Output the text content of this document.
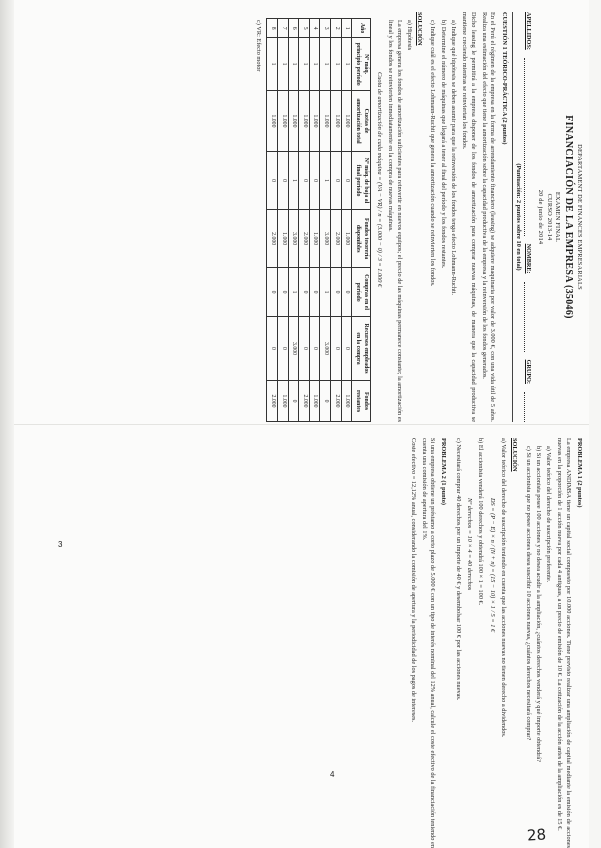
DEPARTAMENT DE FINANCES EMPRESARIALS
FINANCIACIÓN DE LA EMPRESA (35046)
EXAMEN FINAL
CURSO 2013-14
20 de junio de 2014
APELLIDOS:
NOMBRE:
GRUPO:
(Puntuación: 2 puntos sobre 10 en total)
CUESTIÓN 1 TEÓRICO-PRÁCTICA (2 puntos)
En el Perú el régimen de la empresa en la forma de arrendamiento financiero (leasing) se adquiere maquinaria por valor de 3.000 €, con una vida útil de 5 años. Realiza una estimación del efecto que tiene la amortización sobre la capacidad productiva de la empresa y la reinversión de los fondos generados.
Dicho leasing le permitirá a la empresa disponer de los fondos de amortización para comprar nuevas máquinas, de manera que la capacidad productiva se mantiene creciendo mientras se reinviertan los fondos.
a) Indique qué hipótesis se deben asumir para que la reinversión de los fondos tenga efecto Lohmann-Ruchti.
b) Determine el número de máquinas que llegará a tener al final del período y los fondos restantes.
c) Indique cuál es el efecto Lohmann-Ruchti que genera la amortización cuando se reinvierten los fondos.
SOLUCIÓN
a) Hipótesis
La empresa genera los fondos de amortización suficientes para reinvertir en nuevos equipos; el precio de las máquinas permanece constante; la amortización es lineal y los fondos se reinvierten inmediatamente en la compra de nuevas máquinas.
Cuota de amortización de cada máquina = (VA − VR) / n = (3.000 − 0) / 3 = 1.000 €
Año	Nº máq. principio período	Cuotas de amortización total	Nº máq. de baja al final período	Fondos tesorería disponibles	Compras en el período	Recursos empleados en la compra	Fondos restantes
1	1	1.000	0	1.000	0	0	1.000
2	1	1.000	0	2.000	0	0	2.000
3	1	1.000	1	3.000	1	3.000	0
4	1	1.000	0	1.000	0	0	1.000
5	1	1.000	0	2.000	0	0	2.000
6	1	1.000	1	3.000	1	3.000	0
7	1	1.000	0	1.000	0	0	1.000
8	1	1.000	0	2.000	0	0	2.000
c) VR: Efecto motor
PROBLEMA 1 (2 puntos)
La empresa ANDIMSA tiene un capital social compuesto por 10.000 acciones. Tiene previsto realizar una ampliación de capital mediante la emisión de acciones nuevas en la proporción de 1 acción nueva por cada 4 antiguas, a un precio de emisión de 10 €. La cotización de la acción antes de la ampliación es de 15 €.
a) Valor teórico del derecho de suscripción preferente.
b) Si un accionista posee 100 acciones y no desea acudir a la ampliación, ¿cuántos derechos venderá y qué importe obtendrá?
c) Si un accionista que no posee acciones desea suscribir 10 acciones nuevas, ¿cuántos derechos necesitará comprar?
SOLUCIÓN
a) Valor teórico del derecho de suscripción teniendo en cuenta que las acciones nuevas no tienen derecho a dividendos.
DS = (P − E) × n / (N + n) = (15 − 10) × 1 / 5 = 1 €
b) El accionista venderá 100 derechos y obtendrá 100 × 1 = 100 €.
Nº derechos = 10 × 4 = 40 derechos
c) Necesitará comprar 40 derechos por un importe de 40 € y desembolsar 100 € por las acciones nuevas.
PROBLEMA 2 (1 punto)
Si una empresa obtiene un préstamo a corto plazo de 5.000 € con un tipo de interés nominal del 12% anual, calcule el coste efectivo de la financiación teniendo en cuenta una comisión de apertura del 1%.
Coste efectivo = 12,12% anual, considerando la comisión de apertura y la periodicidad de los pagos de intereses.
28
4
3
